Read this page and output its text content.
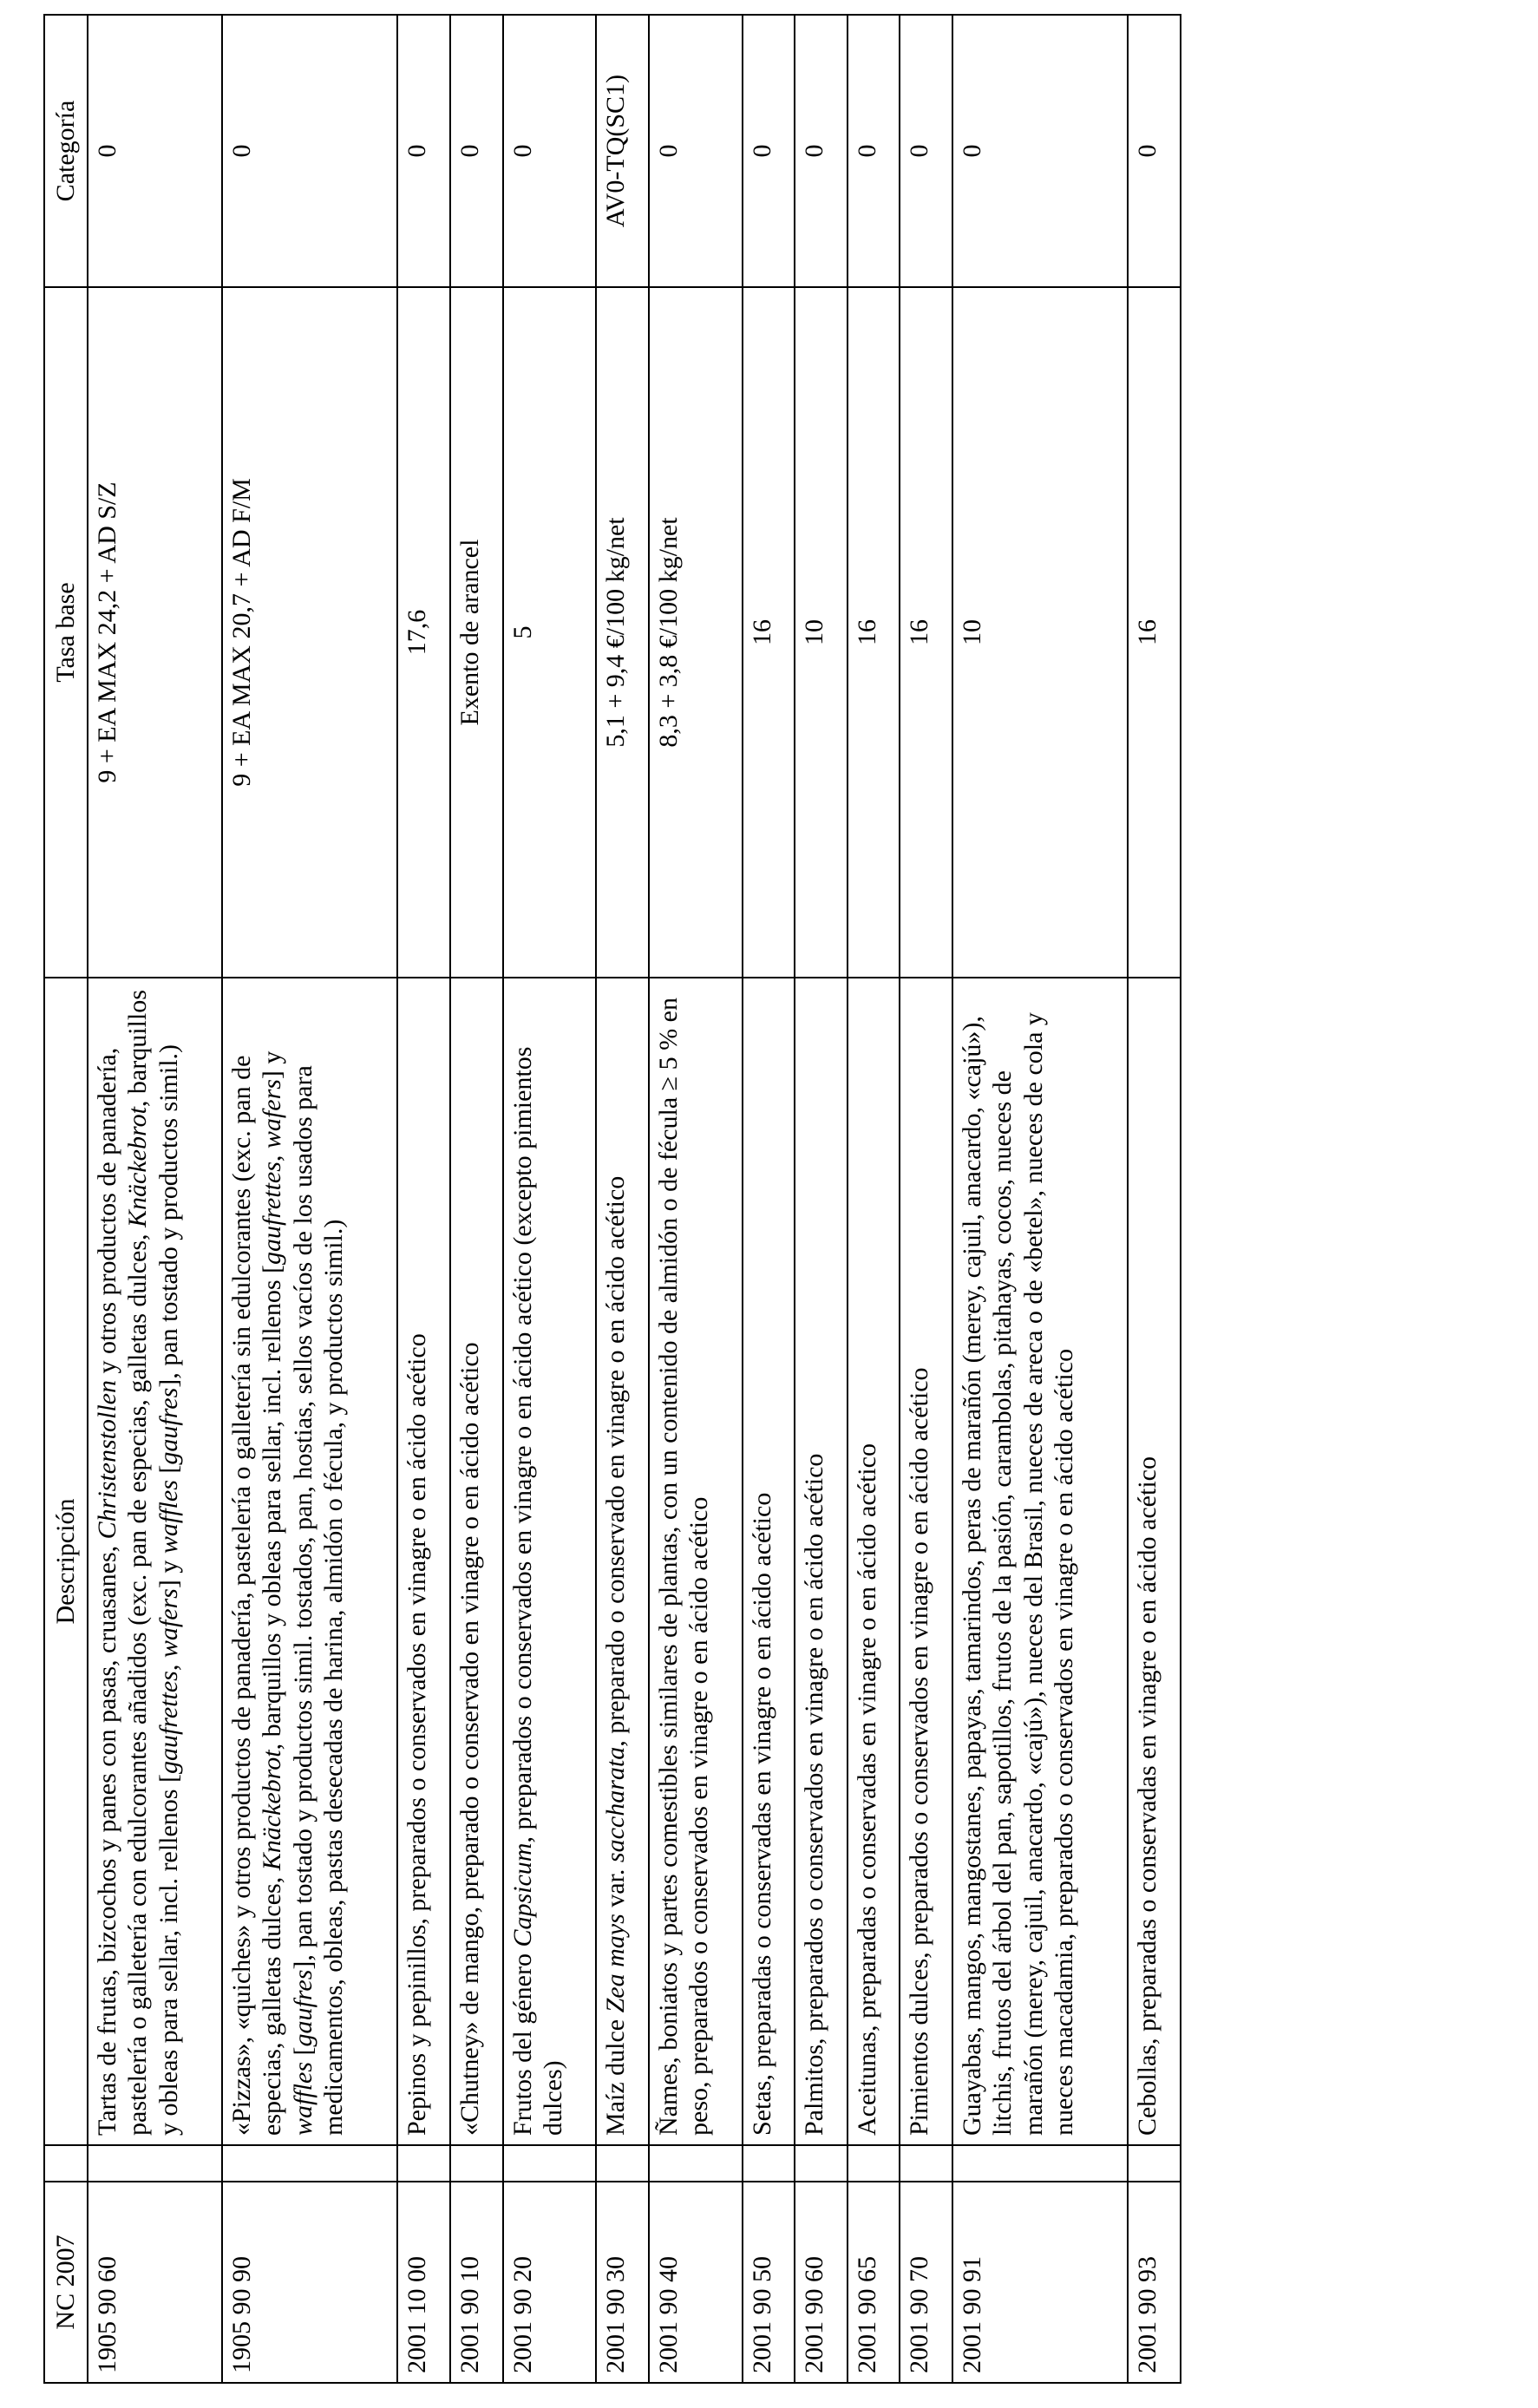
NC 2007		Descripción	Tasa base	Categoría
1905 90 60		Tartas de frutas, bizcochos y panes con pasas, cruasanes, Christenstollen y otros productos de panadería, pastelería o galletería con edulcorantes añadidos (exc. pan de especias, galletas dulces, Knäckebrot, barquillos y obleas para sellar, incl. rellenos [gaufrettes, wafers] y waffles [gaufres], pan tostado y productos simil.)	9 + EA MAX 24,2 + AD S/Z	0
1905 90 90		«Pizzas», «quiches» y otros productos de panadería, pastelería o galletería sin edulcorantes (exc. pan de especias, galletas dulces, Knäckebrot, barquillos y obleas para sellar, incl. rellenos [gaufrettes, wafers] y waffles [gaufres], pan tostado y productos simil. tostados, pan, hostias, sellos vacíos de los usados para medicamentos, obleas, pastas desecadas de harina, almidón o fécula, y productos simil.)	9 + EA MAX 20,7 + AD F/M	0
2001 10 00		Pepinos y pepinillos, preparados o conservados en vinagre o en ácido acético	17,6	0
2001 90 10		«Chutney» de mango, preparado o conservado en vinagre o en ácido acético	Exento de arancel	0
2001 90 20		Frutos del género Capsicum, preparados o conservados en vinagre o en ácido acético (excepto pimientos dulces)	5	0
2001 90 30		Maíz dulce Zea mays var. saccharata, preparado o conservado en vinagre o en ácido acético	5,1 + 9,4 €/100 kg/net	AV0-TQ(SC1)
2001 90 40		Ñames, boniatos y partes comestibles similares de plantas, con un contenido de almidón o de fécula ≥ 5 % en peso, preparados o conservados en vinagre o en ácido acético	8,3 + 3,8 €/100 kg/net	0
2001 90 50		Setas, preparadas o conservadas en vinagre o en ácido acético	16	0
2001 90 60		Palmitos, preparados o conservados en vinagre o en ácido acético	10	0
2001 90 65		Aceitunas, preparadas o conservadas en vinagre o en ácido acético	16	0
2001 90 70		Pimientos dulces, preparados o conservados en vinagre o en ácido acético	16	0
2001 90 91		Guayabas, mangos, mangostanes, papayas, tamarindos, peras de marañón (merey, cajuil, anacardo, «cajú»), litchis, frutos del árbol del pan, sapotillos, frutos de la pasión, carambolas, pitahayas, cocos, nueces de marañón (merey, cajuil, anacardo, «cajú»), nueces del Brasil, nueces de areca o de «betel», nueces de cola y nueces macadamia, preparados o conservados en vinagre o en ácido acético	10	0
2001 90 93		Cebollas, preparadas o conservadas en vinagre o en ácido acético	16	0
